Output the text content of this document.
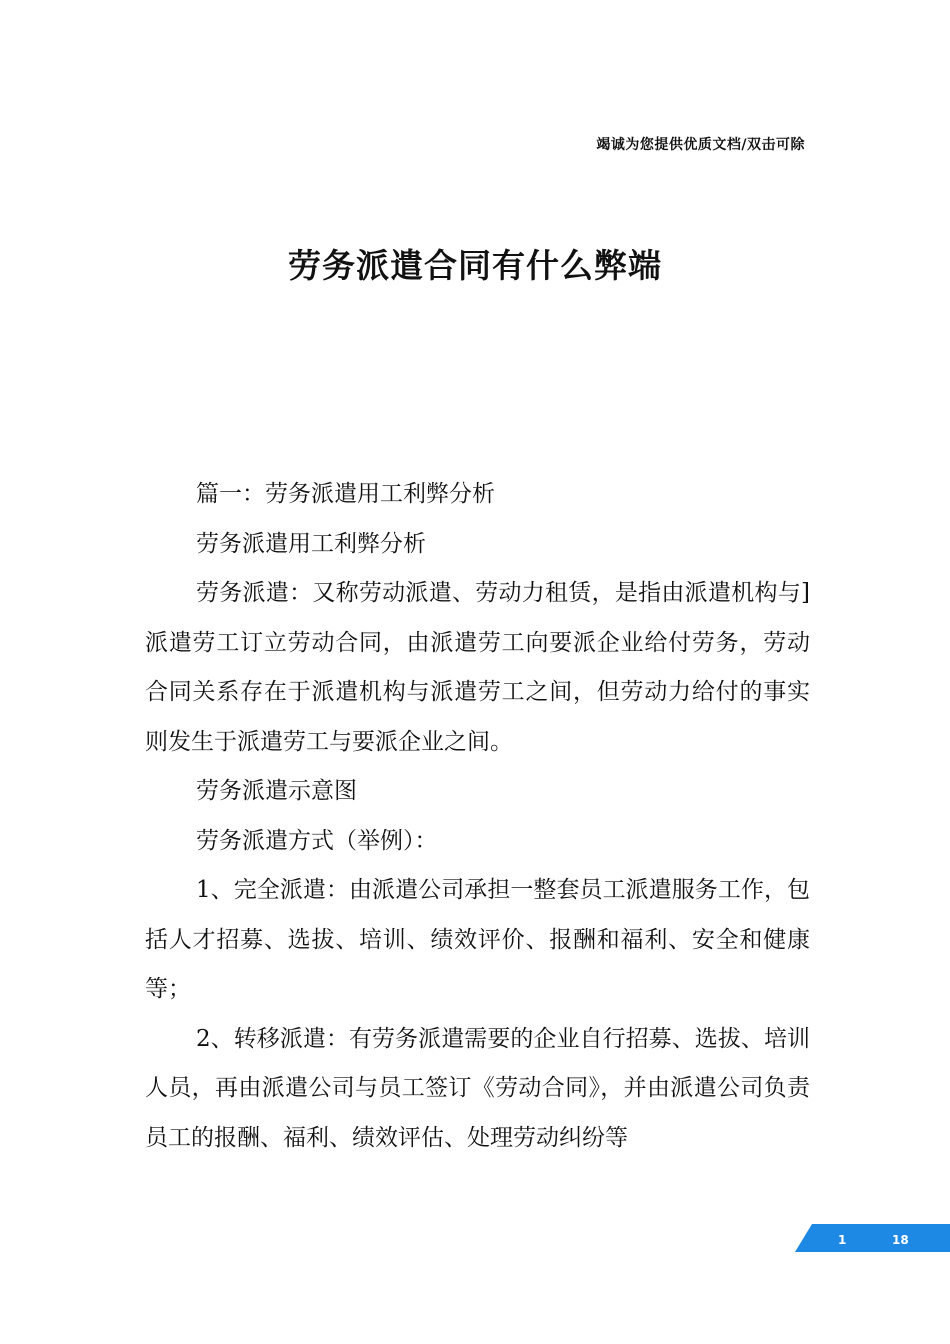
竭诚为您提供优质文档/双击可除
劳务派遣合同有什么弊端

篇一：劳务派遣用工利弊分析

劳务派遣用工利弊分析

劳务派遣：又称劳动派遣、劳动力租赁，是指由派遣机构与]派遣劳工订立劳动合同，由派遣劳工向要派企业给付劳务，劳动合同关系存在于派遣机构与派遣劳工之间，但劳动力给付的事实则发生于派遣劳工与要派企业之间。

劳务派遣示意图

劳务派遣方式（举例）：

1、完全派遣：由派遣公司承担一整套员工派遣服务工作，包括人才招募、选拔、培训、绩效评价、报酬和福利、安全和健康等；

2、转移派遣：有劳务派遣需要的企业自行招募、选拔、培训人员，再由派遣公司与员工签订《劳动合同》，并由派遣公司负责员工的报酬、福利、绩效评估、处理劳动纠纷等

1	18
